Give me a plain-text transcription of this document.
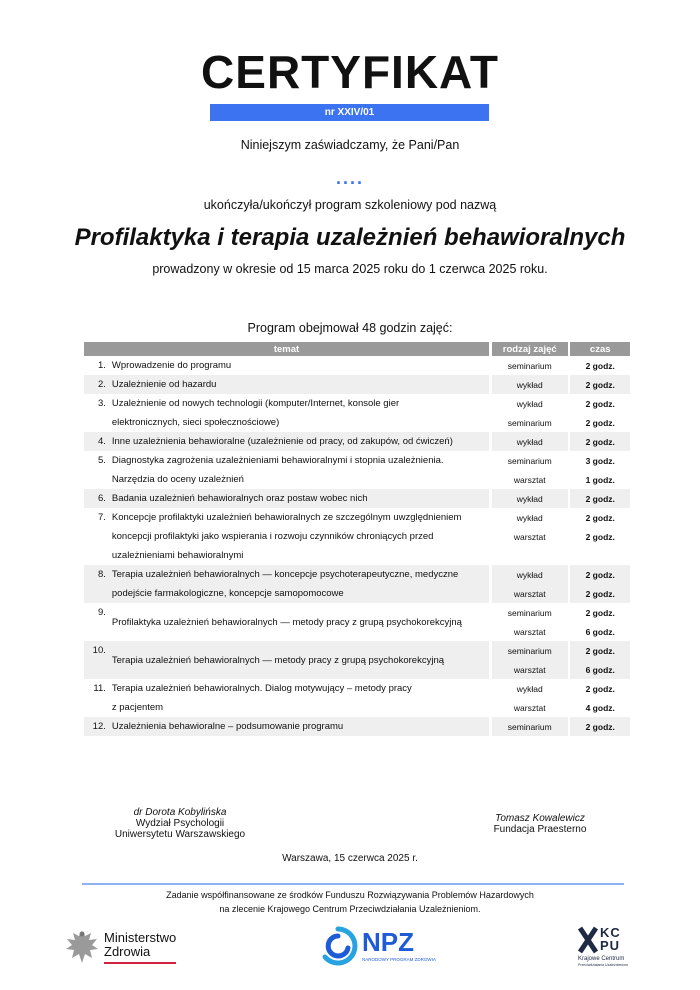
CERTYFIKAT
nr XXIV/01
Niniejszym zaświadczamy, że Pani/Pan
....
ukończyła/ukończył program szkoleniowy pod nazwą
Profilaktyka i terapia uzależnień behawioralnych
prowadzony w okresie od 15 marca 2025 roku do 1 czerwca 2025 roku.
Program obejmował 48 godzin zajęć:
temat			rodzaj zajęć		czas
1.	Wprowadzenie do programu		seminarium		2 godz.
2.	Uzależnienie od hazardu		wykład		2 godz.
3.	Uzależnienie od nowych technologii (komputer/Internet, konsole gier
elektronicznych, sieci społecznościowe)		wykład		2 godz.
			seminarium		2 godz.
4.	Inne uzależnienia behawioralne (uzależnienie od pracy, od zakupów, od ćwiczeń)		wykład		2 godz.
5.	Diagnostyka zagrożenia uzależnieniami behawioralnymi i stopnia uzależnienia.
Narzędzia do oceny uzależnień		seminarium		3 godz.
			warsztat		1 godz.
6.	Badania uzależnień behawioralnych oraz postaw wobec nich		wykład		2 godz.
7.	Koncepcje profilaktyki uzależnień behawioralnych ze szczególnym uwzględnieniem
koncepcji profilaktyki jako wspierania i rozwoju czynników chroniących przed
uzależnieniami behawioralnymi		wykład		2 godz.
			warsztat		2 godz.

8.	Terapia uzależnień behawioralnych — koncepcje psychoterapeutyczne, medyczne
podejście farmakologiczne, koncepcje samopomocowe		wykład		2 godz.
			warsztat		2 godz.
9.	Profilaktyka uzależnień behawioralnych — metody pracy z grupą psychokorekcyjną		seminarium		2 godz.
			warsztat		6 godz.
10.	Terapia uzależnień behawioralnych — metody pracy z grupą psychokorekcyjną		seminarium		2 godz.
			warsztat		6 godz.
11.	Terapia uzależnień behawioralnych. Dialog motywujący – metody pracy
z pacjentem		wykład		2 godz.
			warsztat		4 godz.
12.	Uzależnienia behawioralne – podsumowanie programu		seminarium		2 godz.
dr Dorota Kobylińska
Wydział Psychologii
Uniwersytetu Warszawskiego
Tomasz Kowalewicz
Fundacja Praesterno
Warszawa, 15 czerwca 2025 r.
Zadanie współfinansowane ze środków Funduszu Rozwiązywania Problemów Hazardowych
na zlecenie Krajowego Centrum Przeciwdziałania Uzależnieniom.
Ministerstwo
Zdrowia	NPZ
NARODOWY PROGRAM ZDROWIA
KCPU
Krajowe Centrum
Przeciwdziałania Uzależnieniom
